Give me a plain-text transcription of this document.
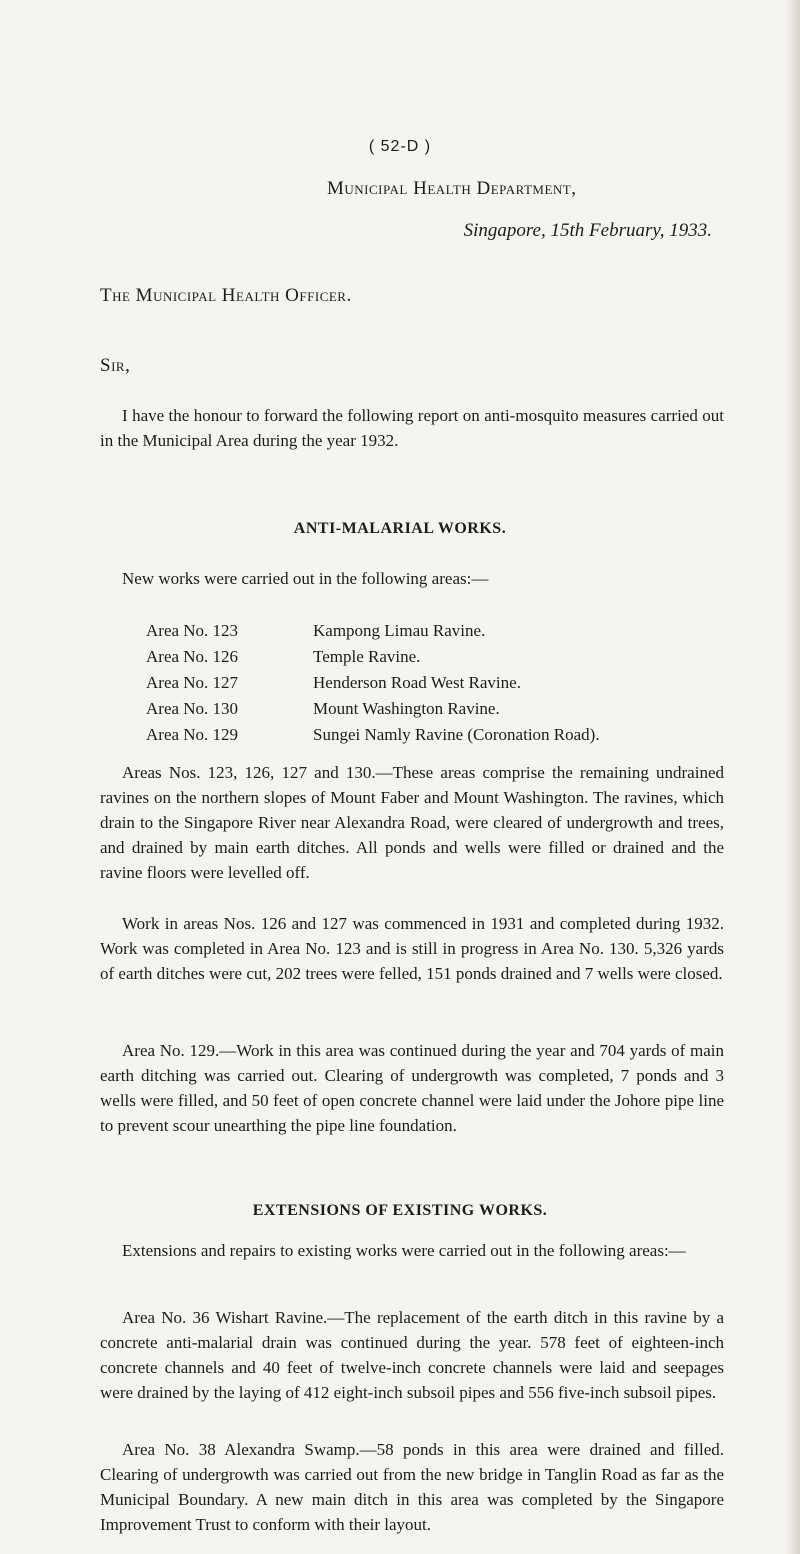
( 52-D )
Municipal Health Department,
Singapore, 15th February, 1933.
The Municipal Health Officer.
Sir,

I have the honour to forward the following report on anti-mosquito measures carried out in the Municipal Area during the year 1932.

ANTI-MALARIAL WORKS.

New works were carried out in the following areas:—

Area No. 123	Kampong Limau Ravine.
Area No. 126	Temple Ravine.
Area No. 127	Henderson Road West Ravine.
Area No. 130	Mount Washington Ravine.
Area No. 129	Sungei Namly Ravine (Coronation Road).

Areas Nos. 123, 126, 127 and 130.—These areas comprise the remaining undrained ravines on the northern slopes of Mount Faber and Mount Washington. The ravines, which drain to the Singapore River near Alexandra Road, were cleared of undergrowth and trees, and drained by main earth ditches. All ponds and wells were filled or drained and the ravine floors were levelled off.

Work in areas Nos. 126 and 127 was commenced in 1931 and completed during 1932. Work was completed in Area No. 123 and is still in progress in Area No. 130. 5,326 yards of earth ditches were cut, 202 trees were felled, 151 ponds drained and 7 wells were closed.

Area No. 129.—Work in this area was continued during the year and 704 yards of main earth ditching was carried out. Clearing of undergrowth was completed, 7 ponds and 3 wells were filled, and 50 feet of open concrete channel were laid under the Johore pipe line to prevent scour unearthing the pipe line foundation.

EXTENSIONS OF EXISTING WORKS.

Extensions and repairs to existing works were carried out in the following areas:—

Area No. 36 Wishart Ravine.—The replacement of the earth ditch in this ravine by a concrete anti-malarial drain was continued during the year. 578 feet of eighteen-inch concrete channels and 40 feet of twelve-inch concrete channels were laid and seepages were drained by the laying of 412 eight-inch subsoil pipes and 556 five-inch subsoil pipes.

Area No. 38 Alexandra Swamp.—58 ponds in this area were drained and filled. Clearing of undergrowth was carried out from the new bridge in Tanglin Road as far as the Municipal Boundary. A new main ditch in this area was completed by the Singapore Improvement Trust to conform with their layout.
